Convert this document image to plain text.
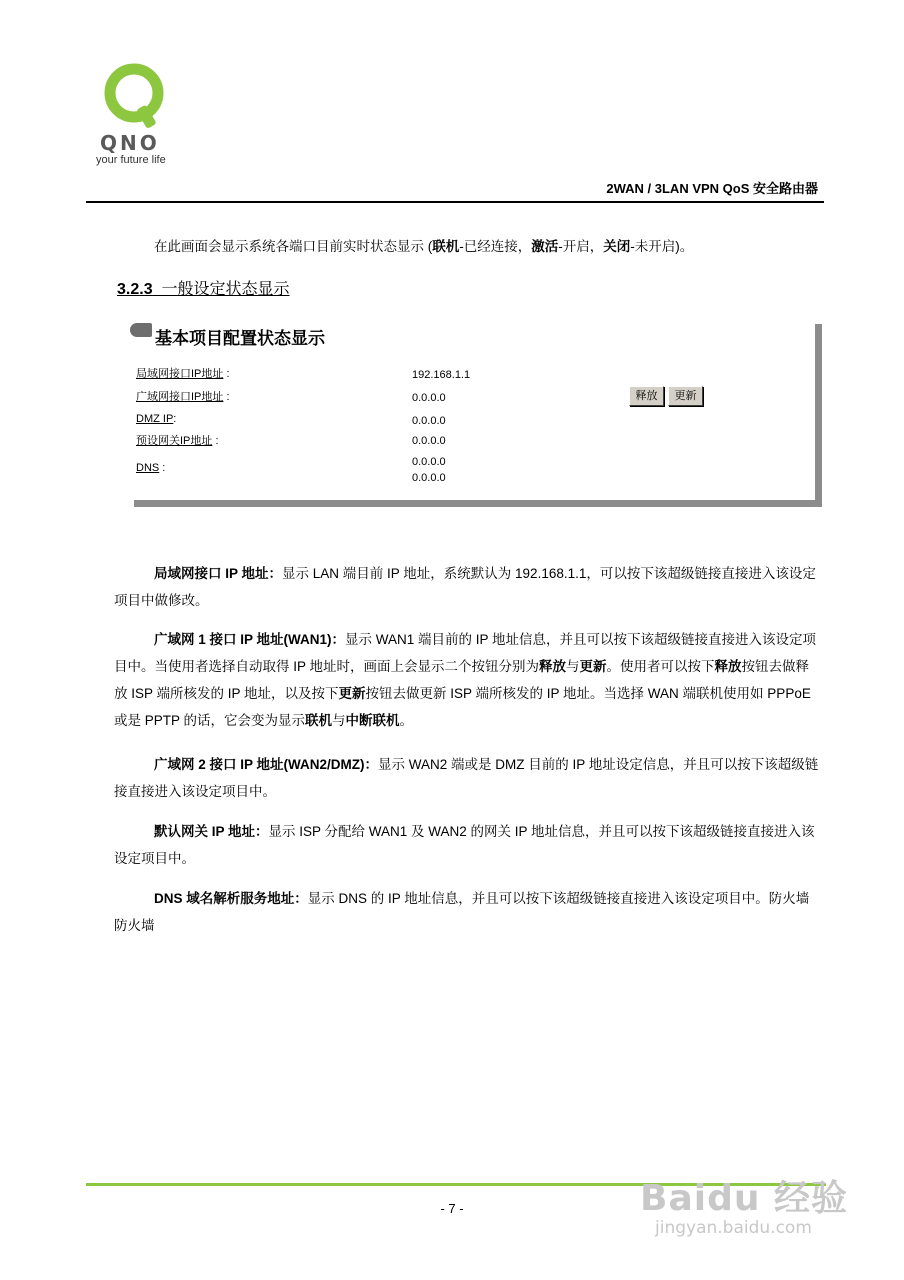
QNO
your future life
2WAN / 3LAN VPN QoS 安全路由器
在此画面会显示系统各端口目前实时状态显示 (联机-已经连接，激活-开启，关闭-未开启)。
3.2.3 一般设定状态显示
基本项目配置状态显示
局域网接口IP地址 :	192.168.1.1
广域网接口IP地址 :	0.0.0.0	释放	更新
DMZ IP:	0.0.0.0
预设网关IP地址 :	0.0.0.0
DNS :	0.0.0.0
0.0.0.0
局域网接口 IP 地址：显示 LAN 端目前 IP 地址，系统默认为 192.168.1.1，可以按下该超级链接直接进入该设定项目中做修改。
广域网 1 接口 IP 地址(WAN1)：显示 WAN1 端目前的 IP 地址信息，并且可以按下该超级链接直接进入该设定项目中。当使用者选择自动取得 IP 地址时，画面上会显示二个按钮分别为释放与更新。使用者可以按下释放按钮去做释放 ISP 端所核发的 IP 地址，以及按下更新按钮去做更新 ISP 端所核发的 IP 地址。当选择 WAN 端联机使用如 PPPoE 或是 PPTP 的话，它会变为显示联机与中断联机。
广域网 2 接口 IP 地址(WAN2/DMZ)：显示 WAN2 端或是 DMZ 目前的 IP 地址设定信息，并且可以按下该超级链接直接进入该设定项目中。
默认网关 IP 地址：显示 ISP 分配给 WAN1 及 WAN2 的网关 IP 地址信息，并且可以按下该超级链接直接进入该设定项目中。
DNS 域名解析服务地址：显示 DNS 的 IP 地址信息，并且可以按下该超级链接直接进入该设定项目中。防火墙防火墙
Baidu 经验
jingyan.baidu.com
- 7 -
